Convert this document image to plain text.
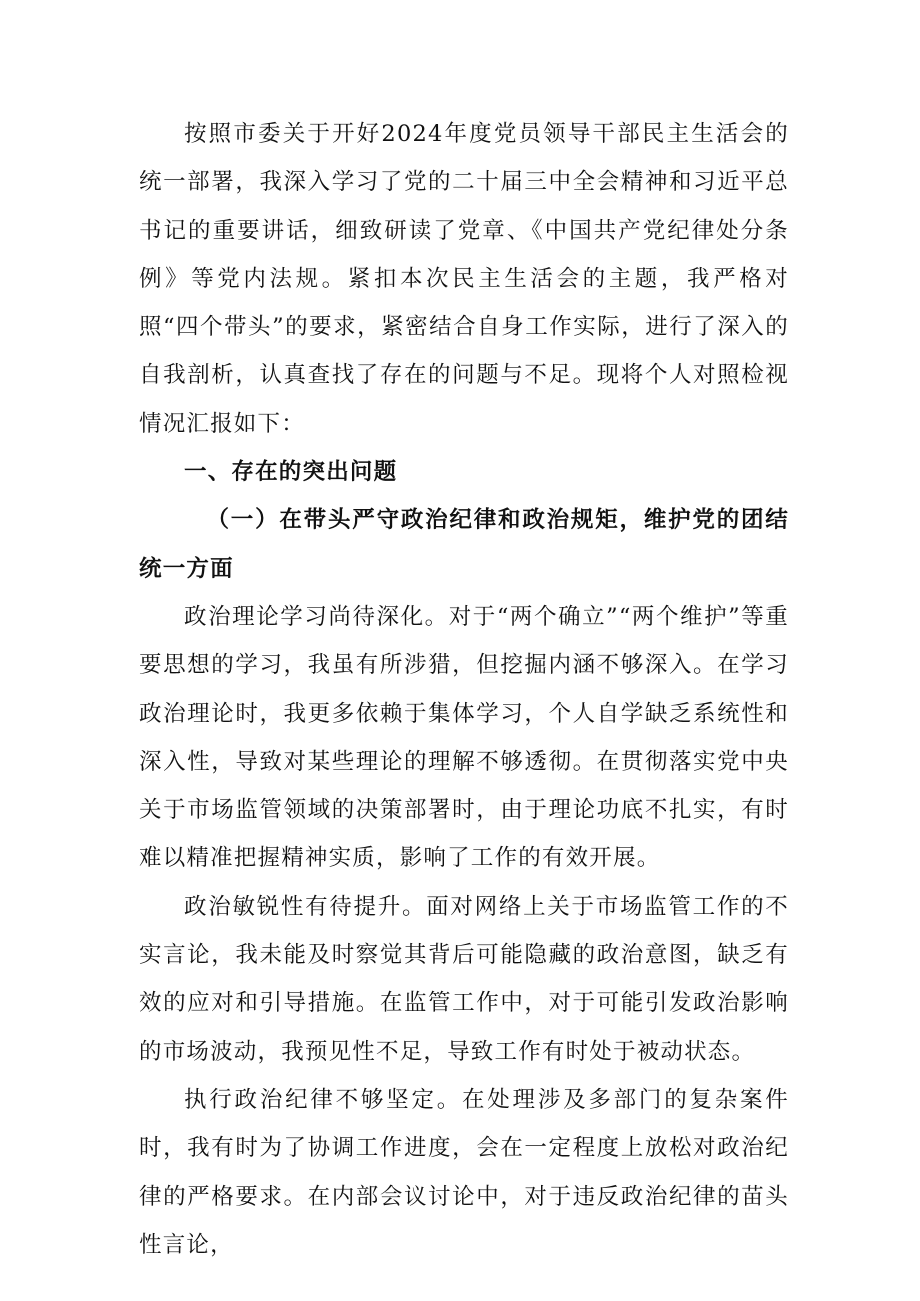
按照市委关于开好2024年度党员领导干部民主生活会的统一部署，我深入学习了党的二十届三中全会精神和习近平总书记的重要讲话，细致研读了党章、《中国共产党纪律处分条例》等党内法规。紧扣本次民主生活会的主题，我严格对照“四个带头”的要求，紧密结合自身工作实际，进行了深入的自我剖析，认真查找了存在的问题与不足。现将个人对照检视情况汇报如下：

一、存在的突出问题

（一）在带头严守政治纪律和政治规矩，维护党的团结统一方面

政治理论学习尚待深化。对于“两个确立”“两个维护”等重要思想的学习，我虽有所涉猎，但挖掘内涵不够深入。在学习政治理论时，我更多依赖于集体学习，个人自学缺乏系统性和深入性，导致对某些理论的理解不够透彻。在贯彻落实党中央关于市场监管领域的决策部署时，由于理论功底不扎实，有时难以精准把握精神实质，影响了工作的有效开展。

政治敏锐性有待提升。面对网络上关于市场监管工作的不实言论，我未能及时察觉其背后可能隐藏的政治意图，缺乏有效的应对和引导措施。在监管工作中，对于可能引发政治影响的市场波动，我预见性不足，导致工作有时处于被动状态。

执行政治纪律不够坚定。在处理涉及多部门的复杂案件时，我有时为了协调工作进度，会在一定程度上放松对政治纪律的严格要求。在内部会议讨论中，对于违反政治纪律的苗头性言论，
